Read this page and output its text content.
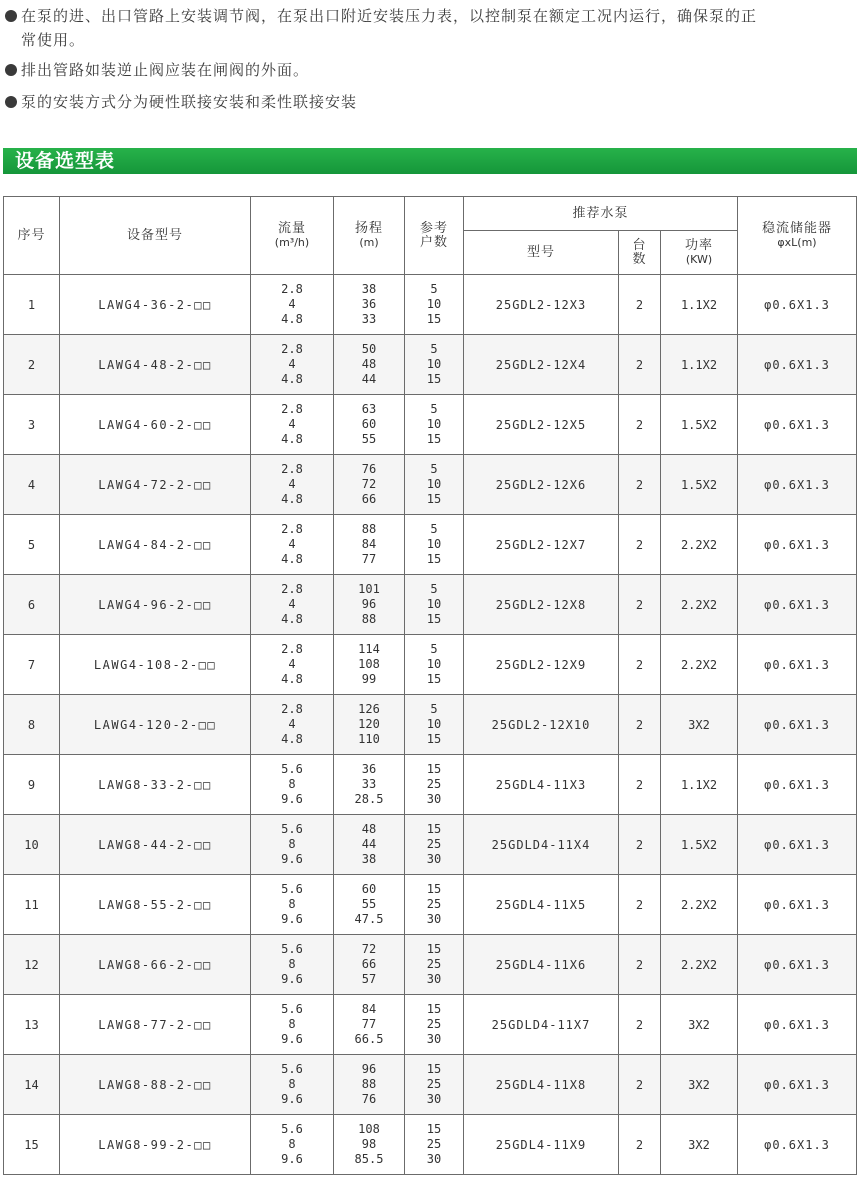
在泵的进、出口管路上安装调节阀，在泵出口附近安装压力表，以控制泵在额定工况内运行，确保泵的正常使用。
排出管路如装逆止阀应装在闸阀的外面。
泵的安装方式分为硬性联接安装和柔性联接安装
设备选型表
序号	设备型号	流量
(m³/h)	扬程
(m)	参考
户数	推荐水泵			稳流储能器
φxL(m)
					型号	台
数	功率
(KW)	
1	LAWG4-36-2-□□	2.8
4
4.8	38
36
33	5
10
15	25GDL2-12X3	2	1.1X2	φ0.6X1.3
2	LAWG4-48-2-□□	2.8
4
4.8	50
48
44	5
10
15	25GDL2-12X4	2	1.1X2	φ0.6X1.3
3	LAWG4-60-2-□□	2.8
4
4.8	63
60
55	5
10
15	25GDL2-12X5	2	1.5X2	φ0.6X1.3
4	LAWG4-72-2-□□	2.8
4
4.8	76
72
66	5
10
15	25GDL2-12X6	2	1.5X2	φ0.6X1.3
5	LAWG4-84-2-□□	2.8
4
4.8	88
84
77	5
10
15	25GDL2-12X7	2	2.2X2	φ0.6X1.3
6	LAWG4-96-2-□□	2.8
4
4.8	101
96
88	5
10
15	25GDL2-12X8	2	2.2X2	φ0.6X1.3
7	LAWG4-108-2-□□	2.8
4
4.8	114
108
99	5
10
15	25GDL2-12X9	2	2.2X2	φ0.6X1.3
8	LAWG4-120-2-□□	2.8
4
4.8	126
120
110	5
10
15	25GDL2-12X10	2	3X2	φ0.6X1.3
9	LAWG8-33-2-□□	5.6
8
9.6	36
33
28.5	15
25
30	25GDL4-11X3	2	1.1X2	φ0.6X1.3
10	LAWG8-44-2-□□	5.6
8
9.6	48
44
38	15
25
30	25GDLD4-11X4	2	1.5X2	φ0.6X1.3
11	LAWG8-55-2-□□	5.6
8
9.6	60
55
47.5	15
25
30	25GDL4-11X5	2	2.2X2	φ0.6X1.3
12	LAWG8-66-2-□□	5.6
8
9.6	72
66
57	15
25
30	25GDL4-11X6	2	2.2X2	φ0.6X1.3
13	LAWG8-77-2-□□	5.6
8
9.6	84
77
66.5	15
25
30	25GDLD4-11X7	2	3X2	φ0.6X1.3
14	LAWG8-88-2-□□	5.6
8
9.6	96
88
76	15
25
30	25GDL4-11X8	2	3X2	φ0.6X1.3
15	LAWG8-99-2-□□	5.6
8
9.6	108
98
85.5	15
25
30	25GDL4-11X9	2	3X2	φ0.6X1.3
